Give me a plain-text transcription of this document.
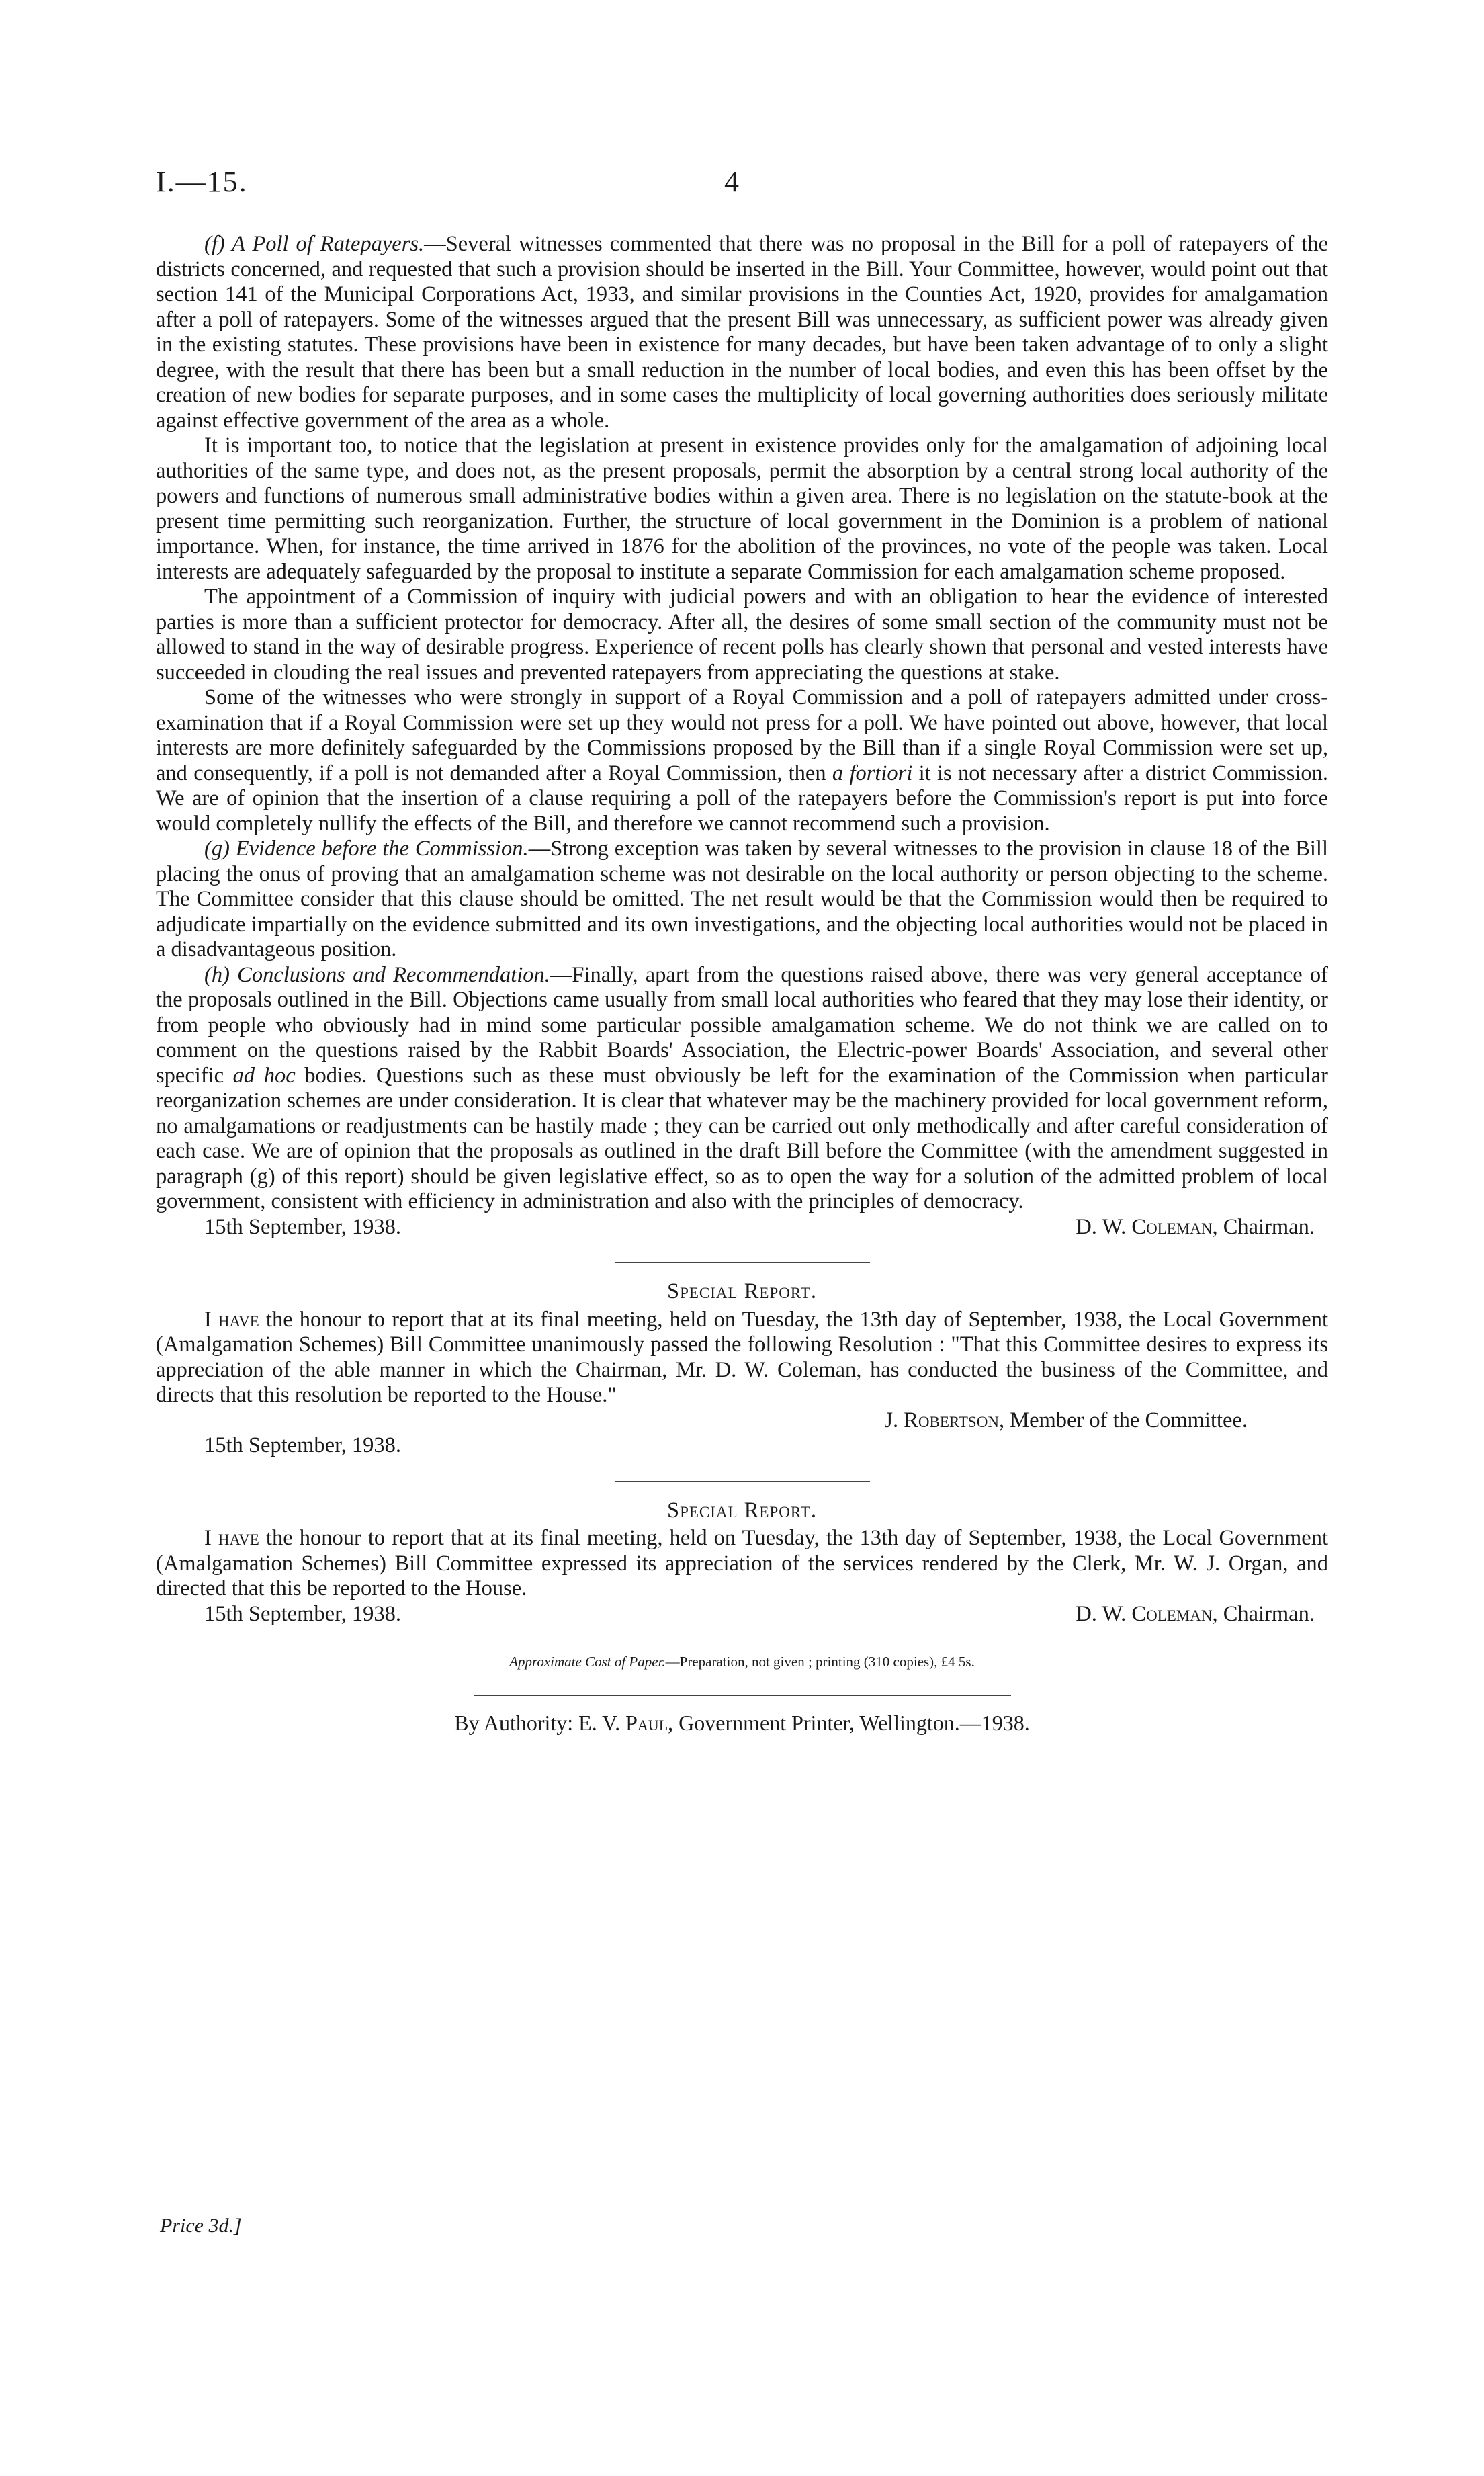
I.—15.	4

(f) A Poll of Ratepayers.—Several witnesses commented that there was no proposal in the Bill for a poll of ratepayers of the districts concerned, and requested that such a provision should be inserted in the Bill. Your Committee, however, would point out that section 141 of the Municipal Corporations Act, 1933, and similar provisions in the Counties Act, 1920, provides for amalgamation after a poll of ratepayers. Some of the witnesses argued that the present Bill was unnecessary, as sufficient power was already given in the existing statutes. These provisions have been in existence for many decades, but have been taken advantage of to only a slight degree, with the result that there has been but a small reduction in the number of local bodies, and even this has been offset by the creation of new bodies for separate purposes, and in some cases the multiplicity of local governing authorities does seriously militate against effective government of the area as a whole.

It is important too, to notice that the legislation at present in existence provides only for the amalgamation of adjoining local authorities of the same type, and does not, as the present proposals, permit the absorption by a central strong local authority of the powers and functions of numerous small administrative bodies within a given area. There is no legislation on the statute-book at the present time permitting such reorganization. Further, the structure of local government in the Dominion is a problem of national importance. When, for instance, the time arrived in 1876 for the abolition of the provinces, no vote of the people was taken. Local interests are adequately safeguarded by the proposal to institute a separate Commission for each amalgamation scheme proposed.

The appointment of a Commission of inquiry with judicial powers and with an obligation to hear the evidence of interested parties is more than a sufficient protector for democracy. After all, the desires of some small section of the community must not be allowed to stand in the way of desirable progress. Experience of recent polls has clearly shown that personal and vested interests have succeeded in clouding the real issues and prevented ratepayers from appreciating the questions at stake.

Some of the witnesses who were strongly in support of a Royal Commission and a poll of ratepayers admitted under cross-examination that if a Royal Commission were set up they would not press for a poll. We have pointed out above, however, that local interests are more definitely safeguarded by the Commissions proposed by the Bill than if a single Royal Commission were set up, and consequently, if a poll is not demanded after a Royal Commission, then a fortiori it is not necessary after a district Commission. We are of opinion that the insertion of a clause requiring a poll of the ratepayers before the Commission's report is put into force would completely nullify the effects of the Bill, and therefore we cannot recommend such a provision.

(g) Evidence before the Commission.—Strong exception was taken by several witnesses to the provision in clause 18 of the Bill placing the onus of proving that an amalgamation scheme was not desirable on the local authority or person objecting to the scheme. The Committee consider that this clause should be omitted. The net result would be that the Commission would then be required to adjudicate impartially on the evidence submitted and its own investigations, and the objecting local authorities would not be placed in a disadvantageous position.

(h) Conclusions and Recommendation.—Finally, apart from the questions raised above, there was very general acceptance of the proposals outlined in the Bill. Objections came usually from small local authorities who feared that they may lose their identity, or from people who obviously had in mind some particular possible amalgamation scheme. We do not think we are called on to comment on the questions raised by the Rabbit Boards' Association, the Electric-power Boards' Association, and several other specific ad hoc bodies. Questions such as these must obviously be left for the examination of the Commission when particular reorganization schemes are under consideration. It is clear that whatever may be the machinery provided for local government reform, no amalgamations or readjustments can be hastily made ; they can be carried out only methodically and after careful consideration of each case. We are of opinion that the proposals as outlined in the draft Bill before the Committee (with the amendment suggested in paragraph (g) of this report) should be given legislative effect, so as to open the way for a solution of the admitted problem of local government, consistent with efficiency in administration and also with the principles of democracy.

15th September, 1938.	D. W. Coleman, Chairman.
Special Report.

I have the honour to report that at its final meeting, held on Tuesday, the 13th day of September, 1938, the Local Government (Amalgamation Schemes) Bill Committee unanimously passed the following Resolution : "That this Committee desires to express its appreciation of the able manner in which the Chairman, Mr. D. W. Coleman, has conducted the business of the Committee, and directs that this resolution be reported to the House."

J. Robertson, Member of the Committee.
15th September, 1938.
Special Report.

I have the honour to report that at its final meeting, held on Tuesday, the 13th day of September, 1938, the Local Government (Amalgamation Schemes) Bill Committee expressed its appreciation of the services rendered by the Clerk, Mr. W. J. Organ, and directed that this be reported to the House.

15th September, 1938.	D. W. Coleman, Chairman.
Approximate Cost of Paper.—Preparation, not given ; printing (310 copies), £4 5s.
By Authority: E. V. Paul, Government Printer, Wellington.—1938.
Price 3d.]
